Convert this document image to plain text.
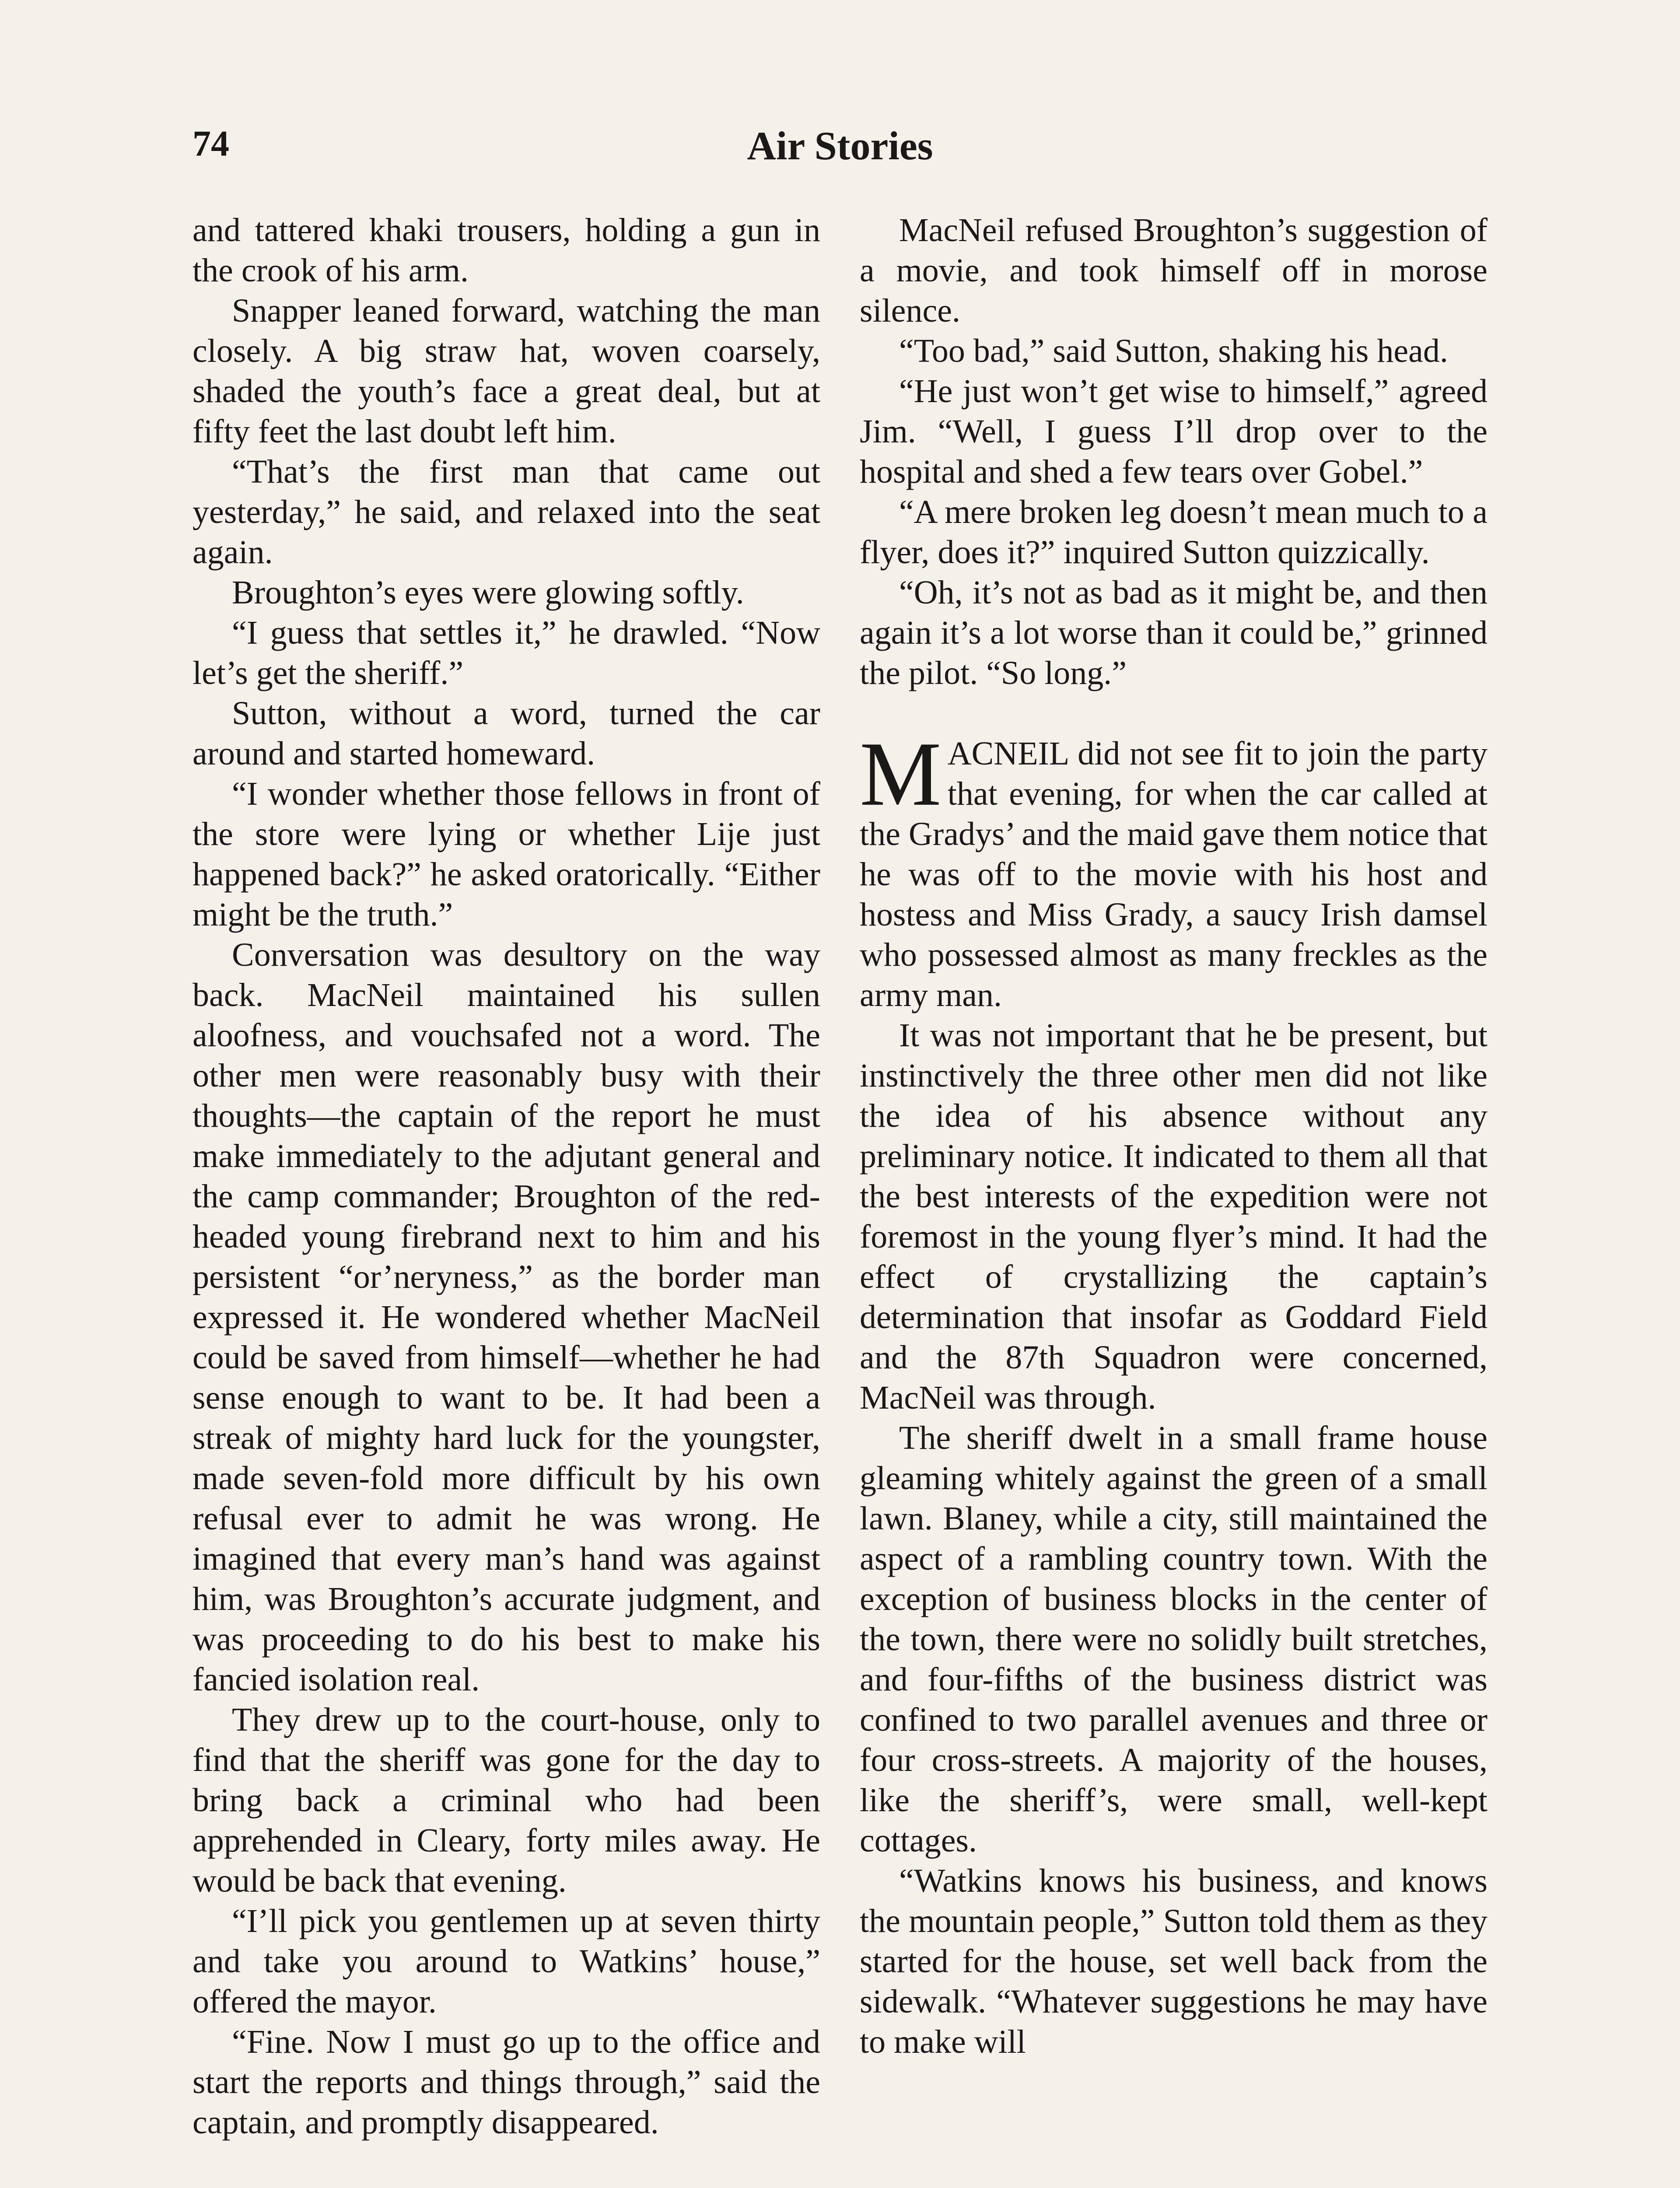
74	Air Stories

and tattered khaki trousers, holding a gun in the crook of his arm.

Snapper leaned forward, watching the man closely. A big straw hat, woven coarsely, shaded the youth’s face a great deal, but at fifty feet the last doubt left him.

“That’s the first man that came out yesterday,” he said, and relaxed into the seat again.

Broughton’s eyes were glowing softly.

“I guess that settles it,” he drawled. “Now let’s get the sheriff.”

Sutton, without a word, turned the car around and started homeward.

“I wonder whether those fellows in front of the store were lying or whether Lije just happened back?” he asked oratorically. “Either might be the truth.”

Conversation was desultory on the way back. MacNeil maintained his sullen aloofness, and vouchsafed not a word. The other men were reasonably busy with their thoughts—the captain of the report he must make immediately to the adjutant general and the camp commander; Broughton of the red-headed young firebrand next to him and his persistent “or’neryness,” as the border man expressed it. He wondered whether MacNeil could be saved from himself—whether he had sense enough to want to be. It had been a streak of mighty hard luck for the youngster, made seven-fold more difficult by his own refusal ever to admit he was wrong. He imagined that every man’s hand was against him, was Broughton’s accurate judgment, and was proceeding to do his best to make his fancied isolation real.

They drew up to the court-house, only to find that the sheriff was gone for the day to bring back a criminal who had been apprehended in Cleary, forty miles away. He would be back that evening.

“I’ll pick you gentlemen up at seven thirty and take you around to Watkins’ house,” offered the mayor.

“Fine. Now I must go up to the office and start the reports and things through,” said the captain, and promptly disappeared.

MacNeil refused Broughton’s suggestion of a movie, and took himself off in morose silence.

“Too bad,” said Sutton, shaking his head.

“He just won’t get wise to himself,” agreed Jim. “Well, I guess I’ll drop over to the hospital and shed a few tears over Gobel.”

“A mere broken leg doesn’t mean much to a flyer, does it?” inquired Sutton quizzically.

“Oh, it’s not as bad as it might be, and then again it’s a lot worse than it could be,” grinned the pilot. “So long.”

MACNEIL did not see fit to join the party that evening, for when the car called at the Gradys’ and the maid gave them notice that he was off to the movie with his host and hostess and Miss Grady, a saucy Irish damsel who possessed almost as many freckles as the army man.

It was not important that he be present, but instinctively the three other men did not like the idea of his absence without any preliminary notice. It indicated to them all that the best interests of the expedition were not foremost in the young flyer’s mind. It had the effect of crystallizing the captain’s determination that insofar as Goddard Field and the 87th Squadron were concerned, MacNeil was through.

The sheriff dwelt in a small frame house gleaming whitely against the green of a small lawn. Blaney, while a city, still maintained the aspect of a rambling country town. With the exception of business blocks in the center of the town, there were no solidly built stretches, and four-fifths of the business district was confined to two parallel avenues and three or four cross-streets. A majority of the houses, like the sheriff’s, were small, well-kept cottages.

“Watkins knows his business, and knows the mountain people,” Sutton told them as they started for the house, set well back from the sidewalk. “Whatever suggestions he may have to make will
